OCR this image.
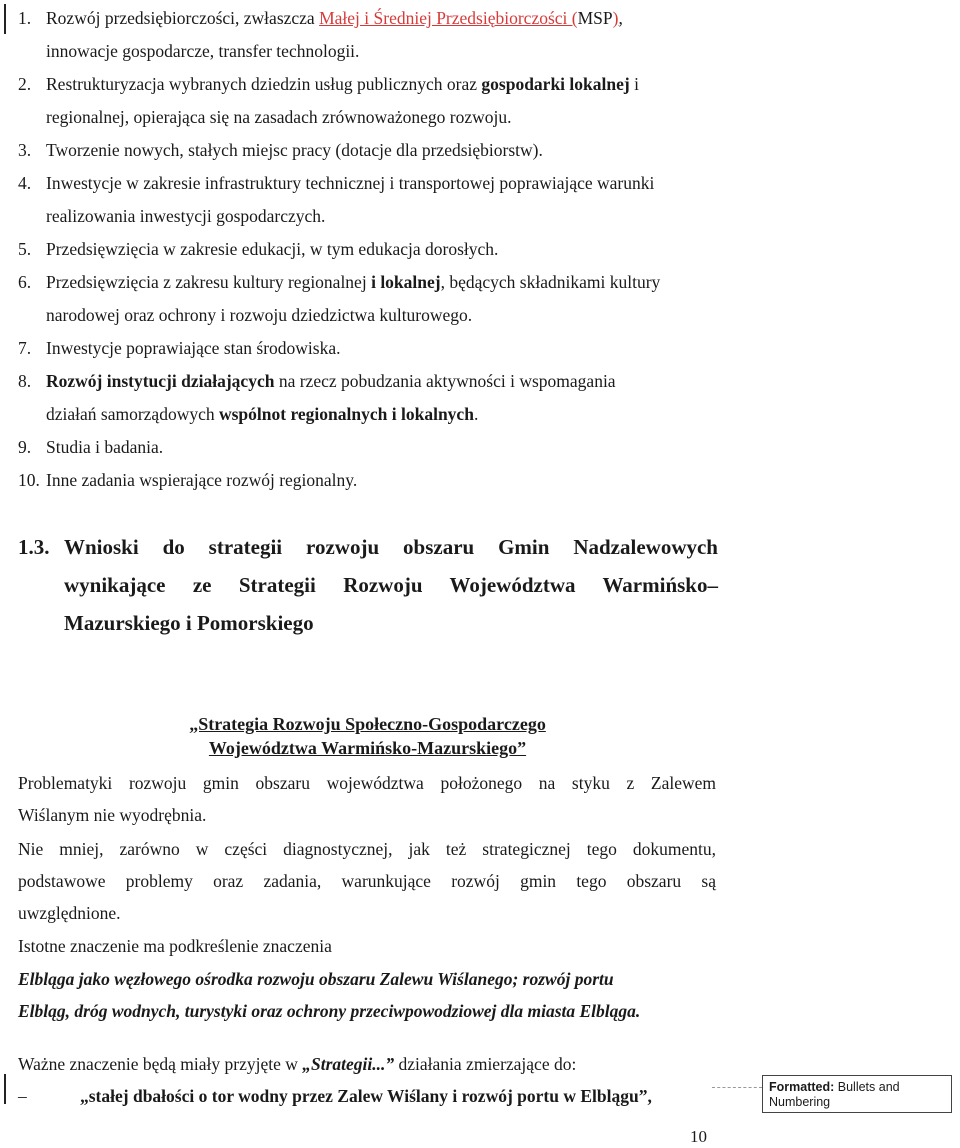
1. Rozwój przedsiębiorczości, zwłaszcza Małej i Średniej Przedsiębiorczości (MSP),
innowacje gospodarcze, transfer technologii.
2. Restrukturyzacja wybranych dziedzin usług publicznych oraz gospodarki lokalnej i
regionalnej, opierająca się na zasadach zrównoważonego rozwoju.
3. Tworzenie nowych, stałych miejsc pracy (dotacje dla przedsiębiorstw).
4. Inwestycje w zakresie infrastruktury technicznej i transportowej poprawiające warunki
realizowania inwestycji gospodarczych.
5. Przedsięwzięcia w zakresie edukacji, w tym edukacja dorosłych.
6. Przedsięwzięcia z zakresu kultury regionalnej i lokalnej, będących składnikami kultury
narodowej oraz ochrony i rozwoju dziedzictwa kulturowego.
7. Inwestycje poprawiające stan środowiska.
8. Rozwój instytucji działających na rzecz pobudzania aktywności i wspomagania
działań samorządowych wspólnot regionalnych i lokalnych.
9. Studia i badania.
10. Inne zadania wspierające rozwój regionalny.
1.3. Wnioski do strategii rozwoju obszaru Gmin Nadzalewowych
wynikające ze Strategii Rozwoju Województwa Warmińsko–
Mazurskiego i Pomorskiego
„Strategia Rozwoju Społeczno-Gospodarczego
Województwa Warmińsko-Mazurskiego”
Problematyki rozwoju gmin obszaru województwa położonego na styku z Zalewem
Wiślanym nie wyodrębnia.
Nie mniej, zarówno w części diagnostycznej, jak też strategicznej tego dokumentu,
podstawowe problemy oraz zadania, warunkujące rozwój gmin tego obszaru są
uwzględnione.
Istotne znaczenie ma podkreślenie znaczenia
Elbląga jako węzłowego ośrodka rozwoju obszaru Zalewu Wiślanego; rozwój portu
Elbląg, dróg wodnych, turystyki oraz ochrony przeciwpowodziowej dla miasta Elbląga.
Ważne znaczenie będą miały przyjęte w „Strategii...” działania zmierzające do:
–	„stałej dbałości o tor wodny przez Zalew Wiślany i rozwój portu w Elblągu”,	Formatted: Bullets and Numbering
10
